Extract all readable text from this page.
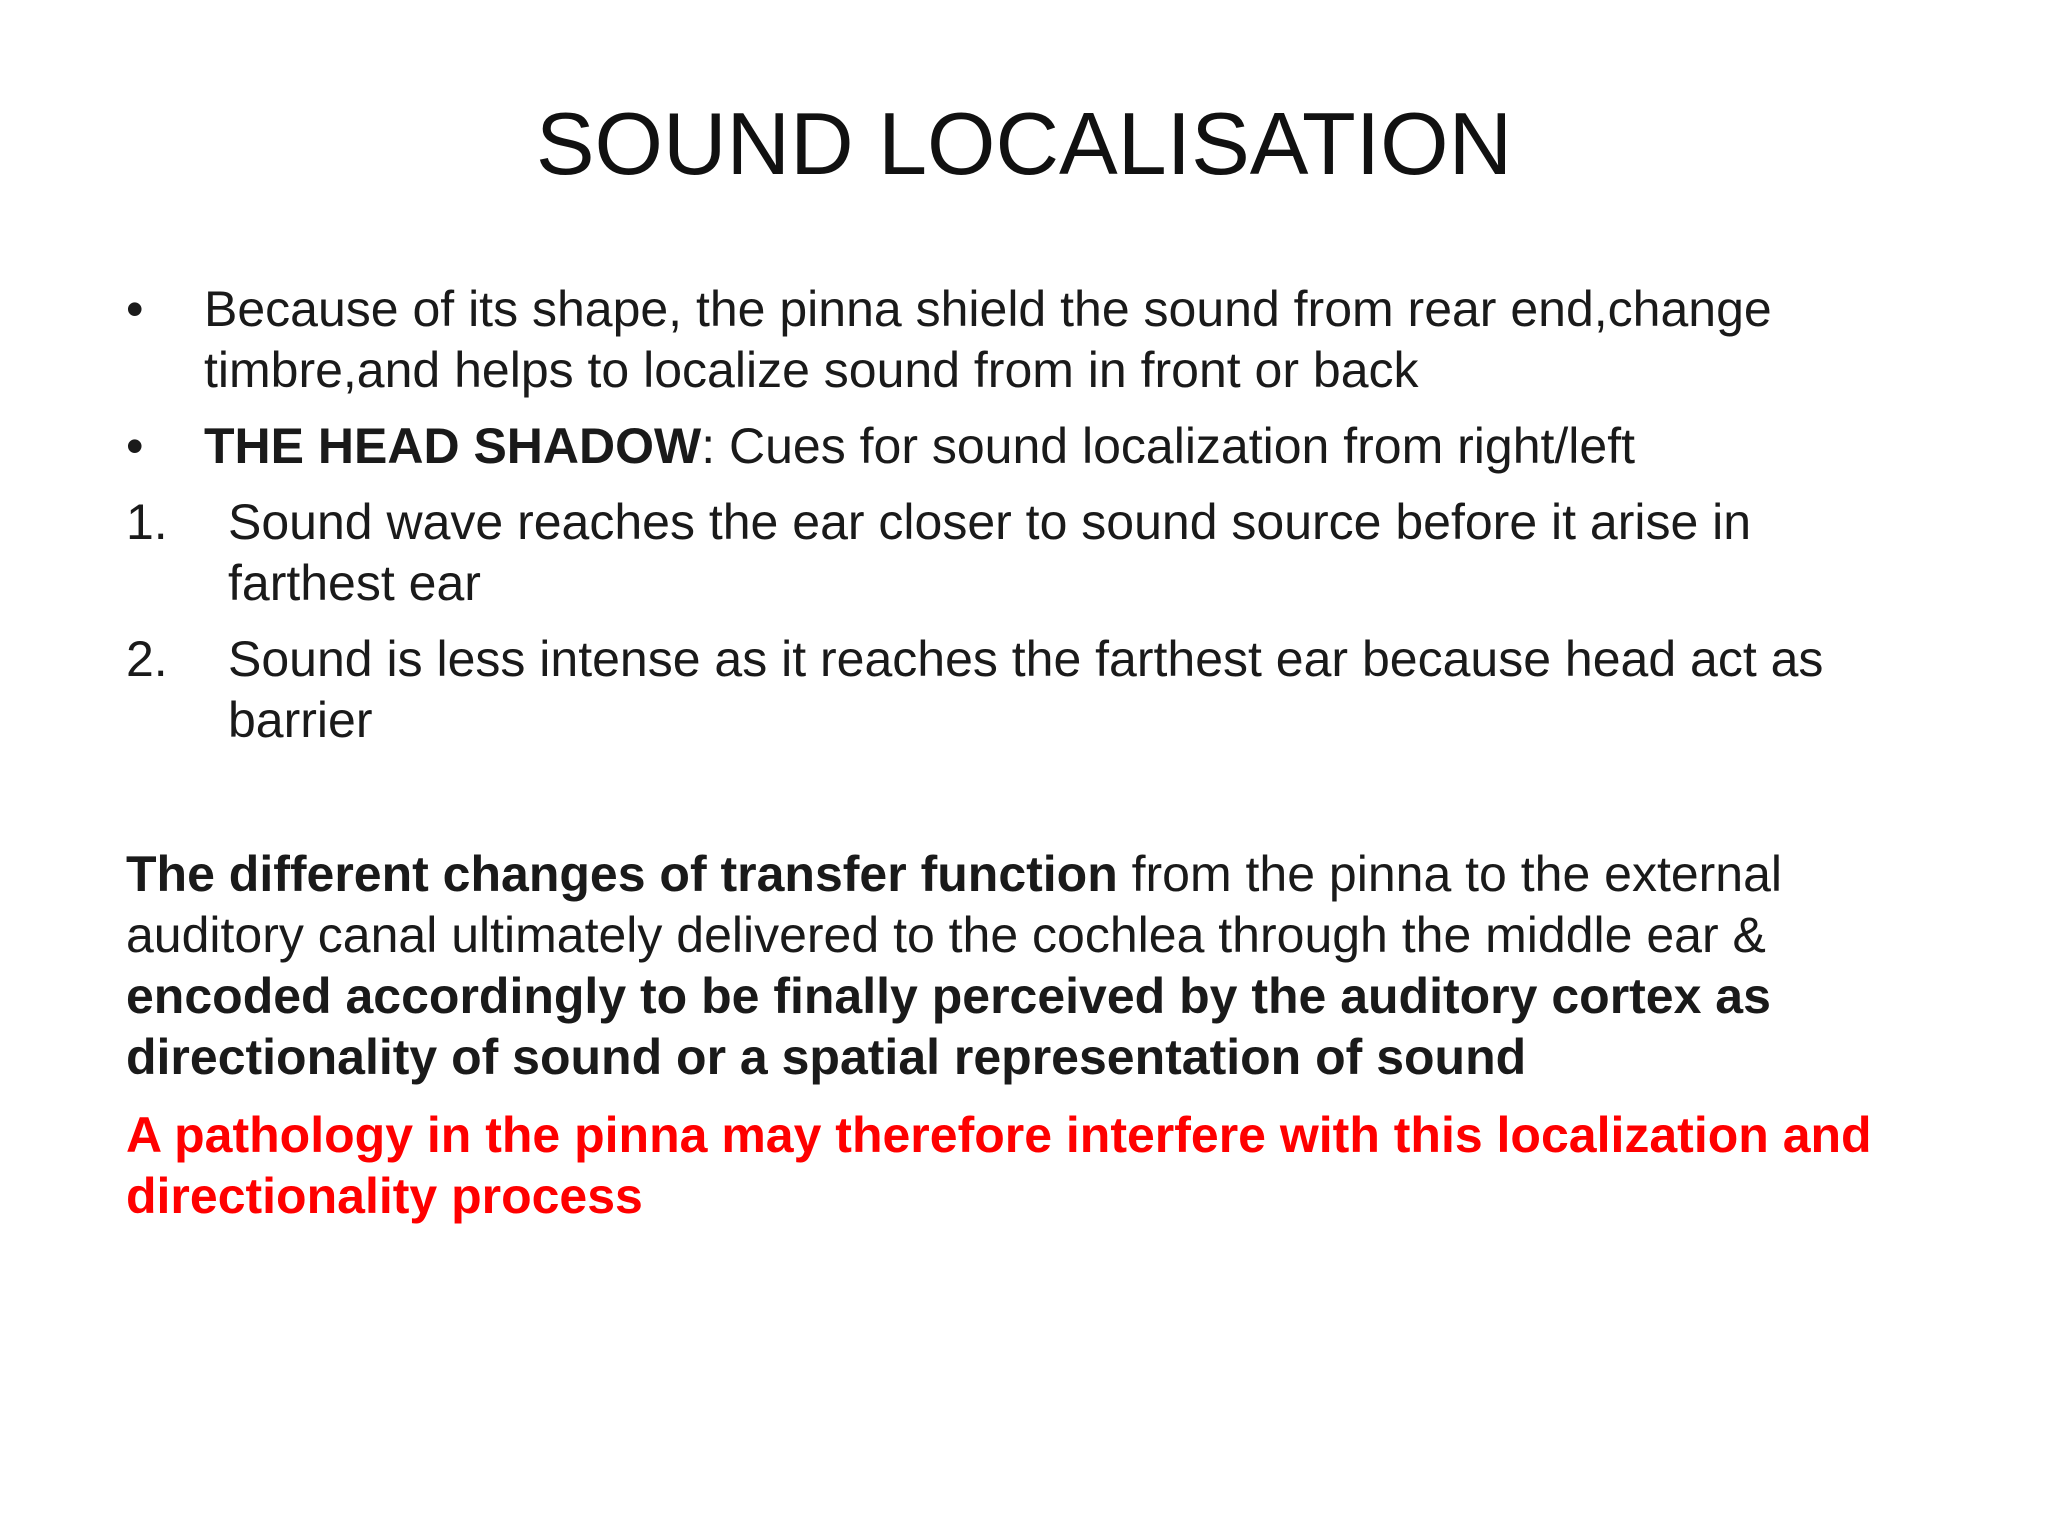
SOUND LOCALISATION
• Because of its shape, the pinna shield the sound from rear end,change timbre,and helps to localize sound from in front or back
• THE HEAD SHADOW: Cues for sound localization from right/left
1. Sound wave reaches the ear closer to sound source before it arise in farthest ear
2. Sound is less intense as it reaches the farthest ear because head act as barrier
The different changes of transfer function from the pinna to the external auditory canal ultimately delivered to the cochlea through the middle ear & encoded accordingly to be finally perceived by the auditory cortex as directionality of sound or a spatial representation of sound
A pathology in the pinna may therefore interfere with this localization and directionality process
